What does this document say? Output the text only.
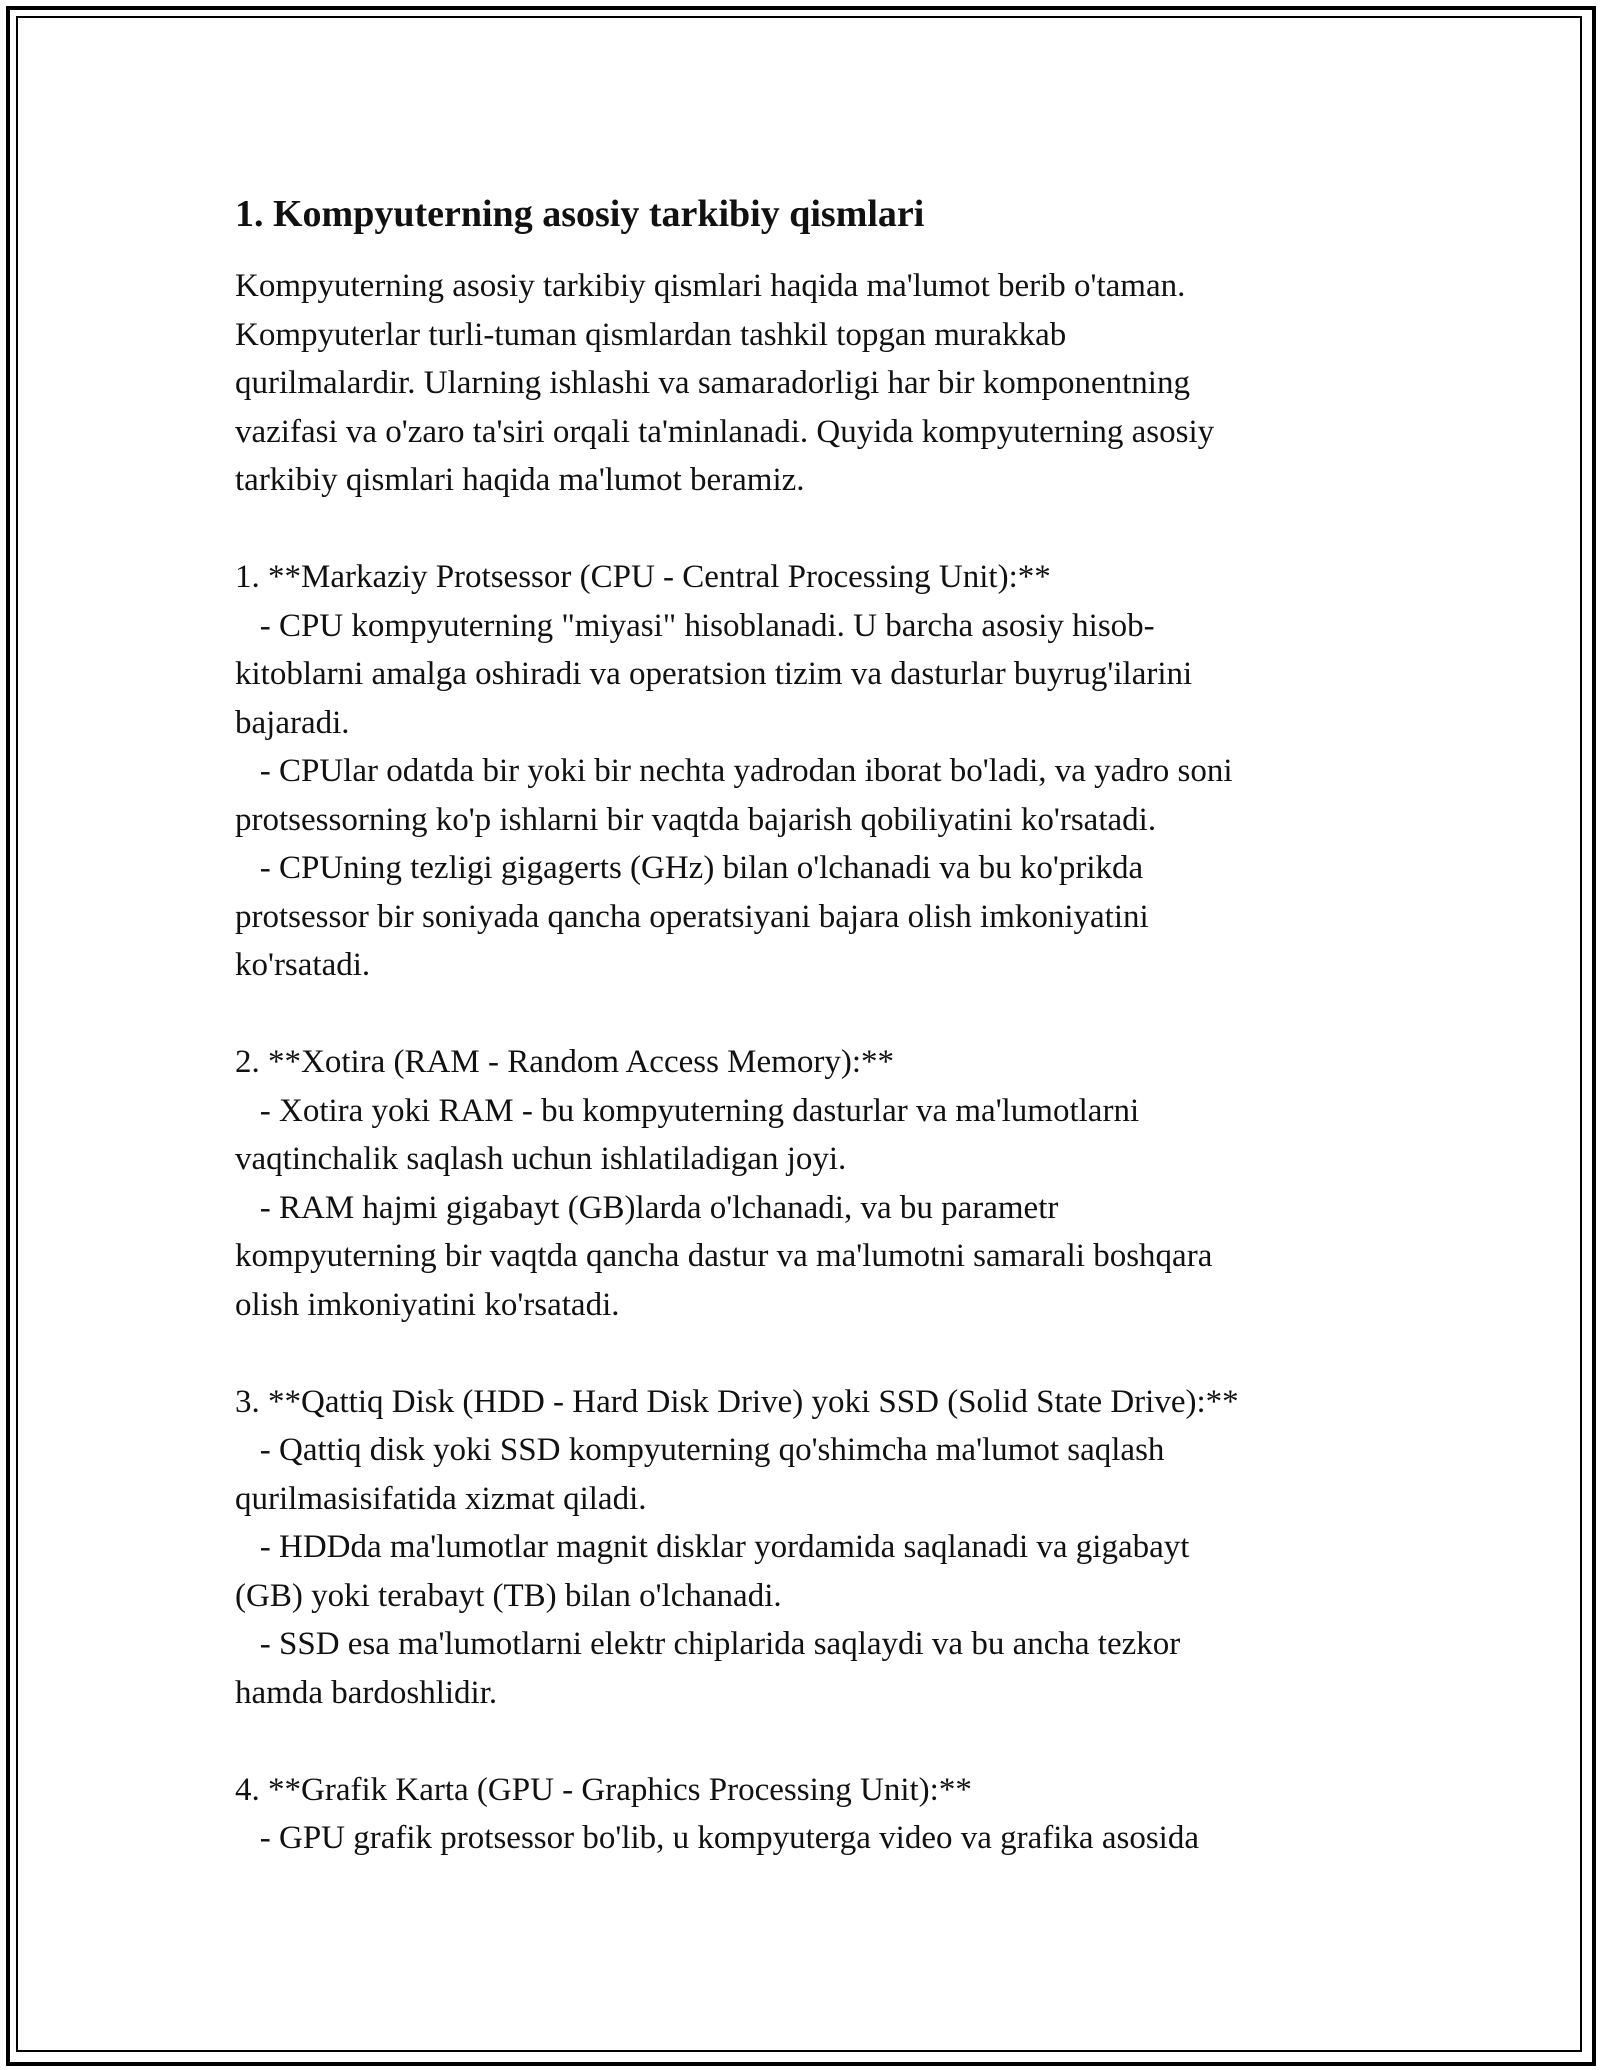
1. Kompyuterning asosiy tarkibiy qismlari

Kompyuterning asosiy tarkibiy qismlari haqida ma'lumot berib o'taman.
Kompyuterlar turli-tuman qismlardan tashkil topgan murakkab
qurilmalardir. Ularning ishlashi va samaradorligi har bir komponentning
vazifasi va o'zaro ta'siri orqali ta'minlanadi. Quyida kompyuterning asosiy
tarkibiy qismlari haqida ma'lumot beramiz.

1. **Markaziy Protsessor (CPU - Central Processing Unit):**

- CPU kompyuterning "miyasi" hisoblanadi. U barcha asosiy hisob-
kitoblarni amalga oshiradi va operatsion tizim va dasturlar buyrug'ilarini
bajaradi.

- CPUlar odatda bir yoki bir nechta yadrodan iborat bo'ladi, va yadro soni
protsessorning ko'p ishlarni bir vaqtda bajarish qobiliyatini ko'rsatadi.

- CPUning tezligi gigagerts (GHz) bilan o'lchanadi va bu ko'prikda
protsessor bir soniyada qancha operatsiyani bajara olish imkoniyatini
ko'rsatadi.

2. **Xotira (RAM - Random Access Memory):**

- Xotira yoki RAM - bu kompyuterning dasturlar va ma'lumotlarni
vaqtinchalik saqlash uchun ishlatiladigan joyi.

- RAM hajmi gigabayt (GB)larda o'lchanadi, va bu parametr
kompyuterning bir vaqtda qancha dastur va ma'lumotni samarali boshqara
olish imkoniyatini ko'rsatadi.

3. **Qattiq Disk (HDD - Hard Disk Drive) yoki SSD (Solid State Drive):**

- Qattiq disk yoki SSD kompyuterning qo'shimcha ma'lumot saqlash
qurilmasisifatida xizmat qiladi.

- HDDda ma'lumotlar magnit disklar yordamida saqlanadi va gigabayt
(GB) yoki terabayt (TB) bilan o'lchanadi.

- SSD esa ma'lumotlarni elektr chiplarida saqlaydi va bu ancha tezkor
hamda bardoshlidir.

4. **Grafik Karta (GPU - Graphics Processing Unit):**

- GPU grafik protsessor bo'lib, u kompyuterga video va grafika asosida
